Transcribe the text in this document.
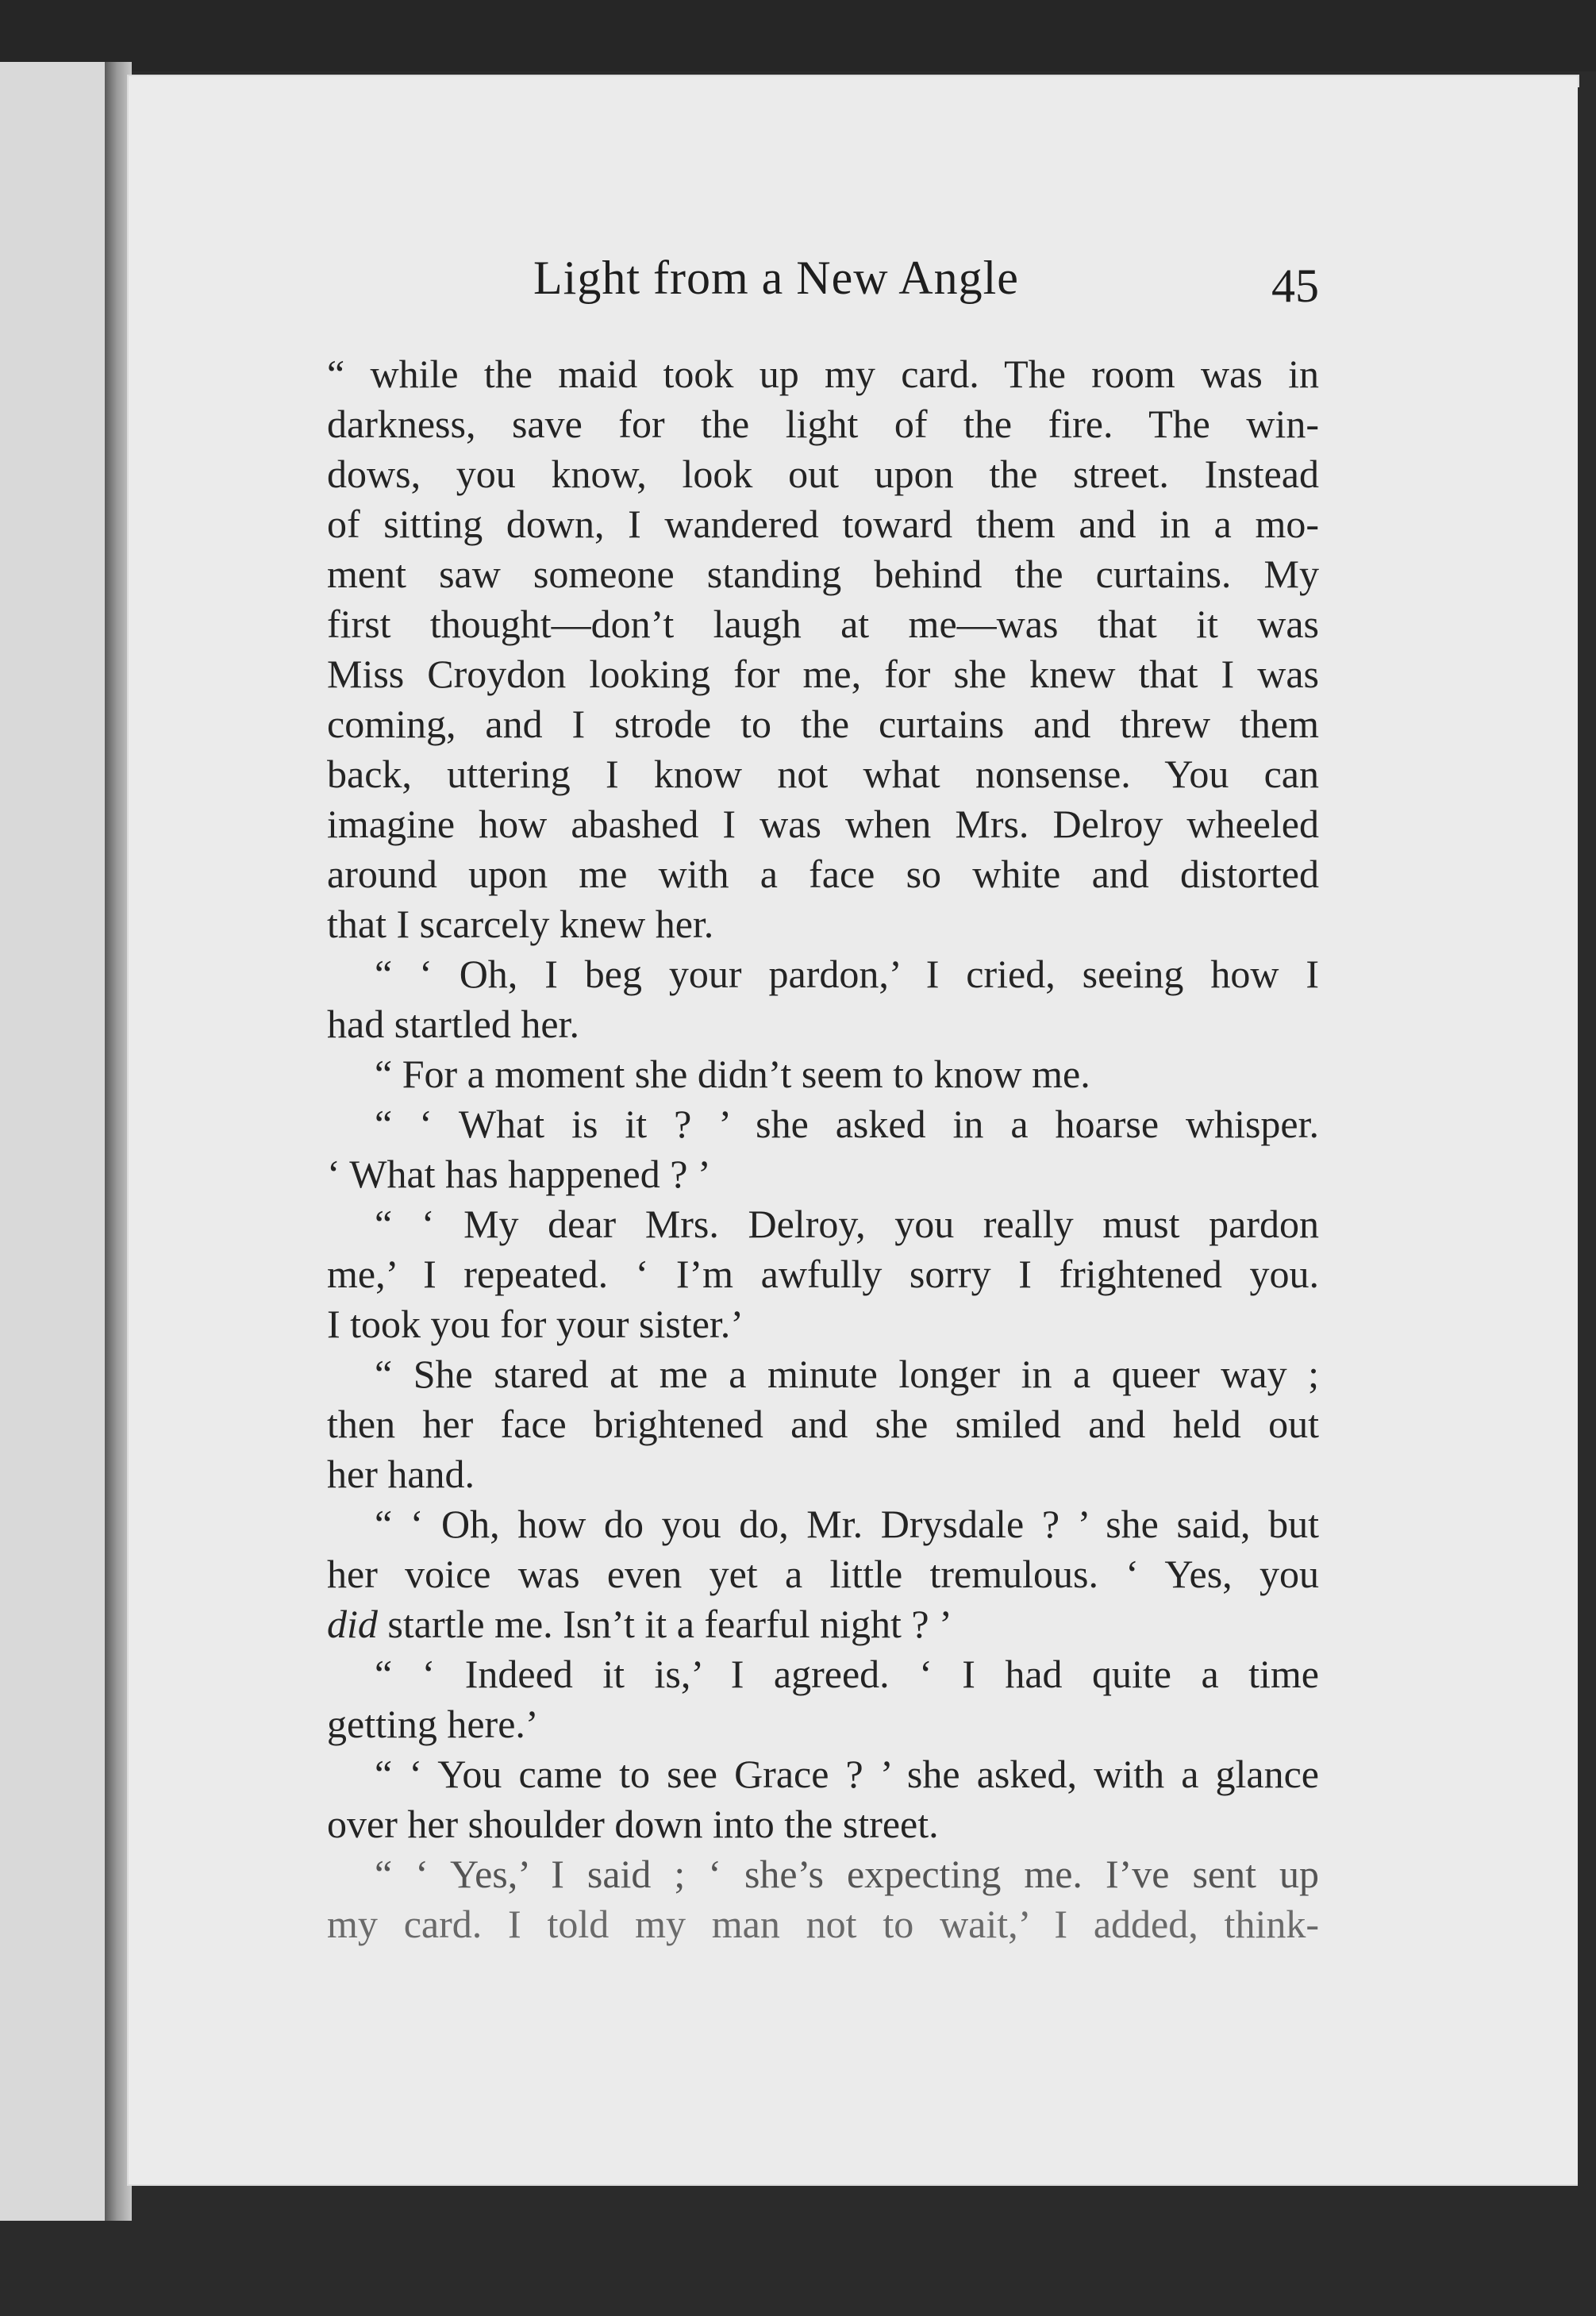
Light from a New Angle	45
“ while the maid took up my card. The room was in
darkness, save for the light of the fire. The win-
dows, you know, look out upon the street. Instead
of sitting down, I wandered toward them and in a mo-
ment saw someone standing behind the curtains. My
first thought—don’t laugh at me—was that it was
Miss Croydon looking for me, for she knew that I was
coming, and I strode to the curtains and threw them
back, uttering I know not what nonsense. You can
imagine how abashed I was when Mrs. Delroy wheeled
around upon me with a face so white and distorted
that I scarcely knew her.
“ ‘ Oh, I beg your pardon,’ I cried, seeing how I
had startled her.
“ For a moment she didn’t seem to know me.
“ ‘ What is it ? ’ she asked in a hoarse whisper.
‘ What has happened ? ’
“ ‘ My dear Mrs. Delroy, you really must pardon
me,’ I repeated. ‘ I’m awfully sorry I frightened you.
I took you for your sister.’
“ She stared at me a minute longer in a queer way ;
then her face brightened and she smiled and held out
her hand.
“ ‘ Oh, how do you do, Mr. Drysdale ? ’ she said, but
her voice was even yet a little tremulous. ‘ Yes, you
did startle me. Isn’t it a fearful night ? ’
“ ‘ Indeed it is,’ I agreed. ‘ I had quite a time
getting here.’
“ ‘ You came to see Grace ? ’ she asked, with a glance
over her shoulder down into the street.
“ ‘ Yes,’ I said ; ‘ she’s expecting me. I’ve sent up
my card. I told my man not to wait,’ I added, think-
